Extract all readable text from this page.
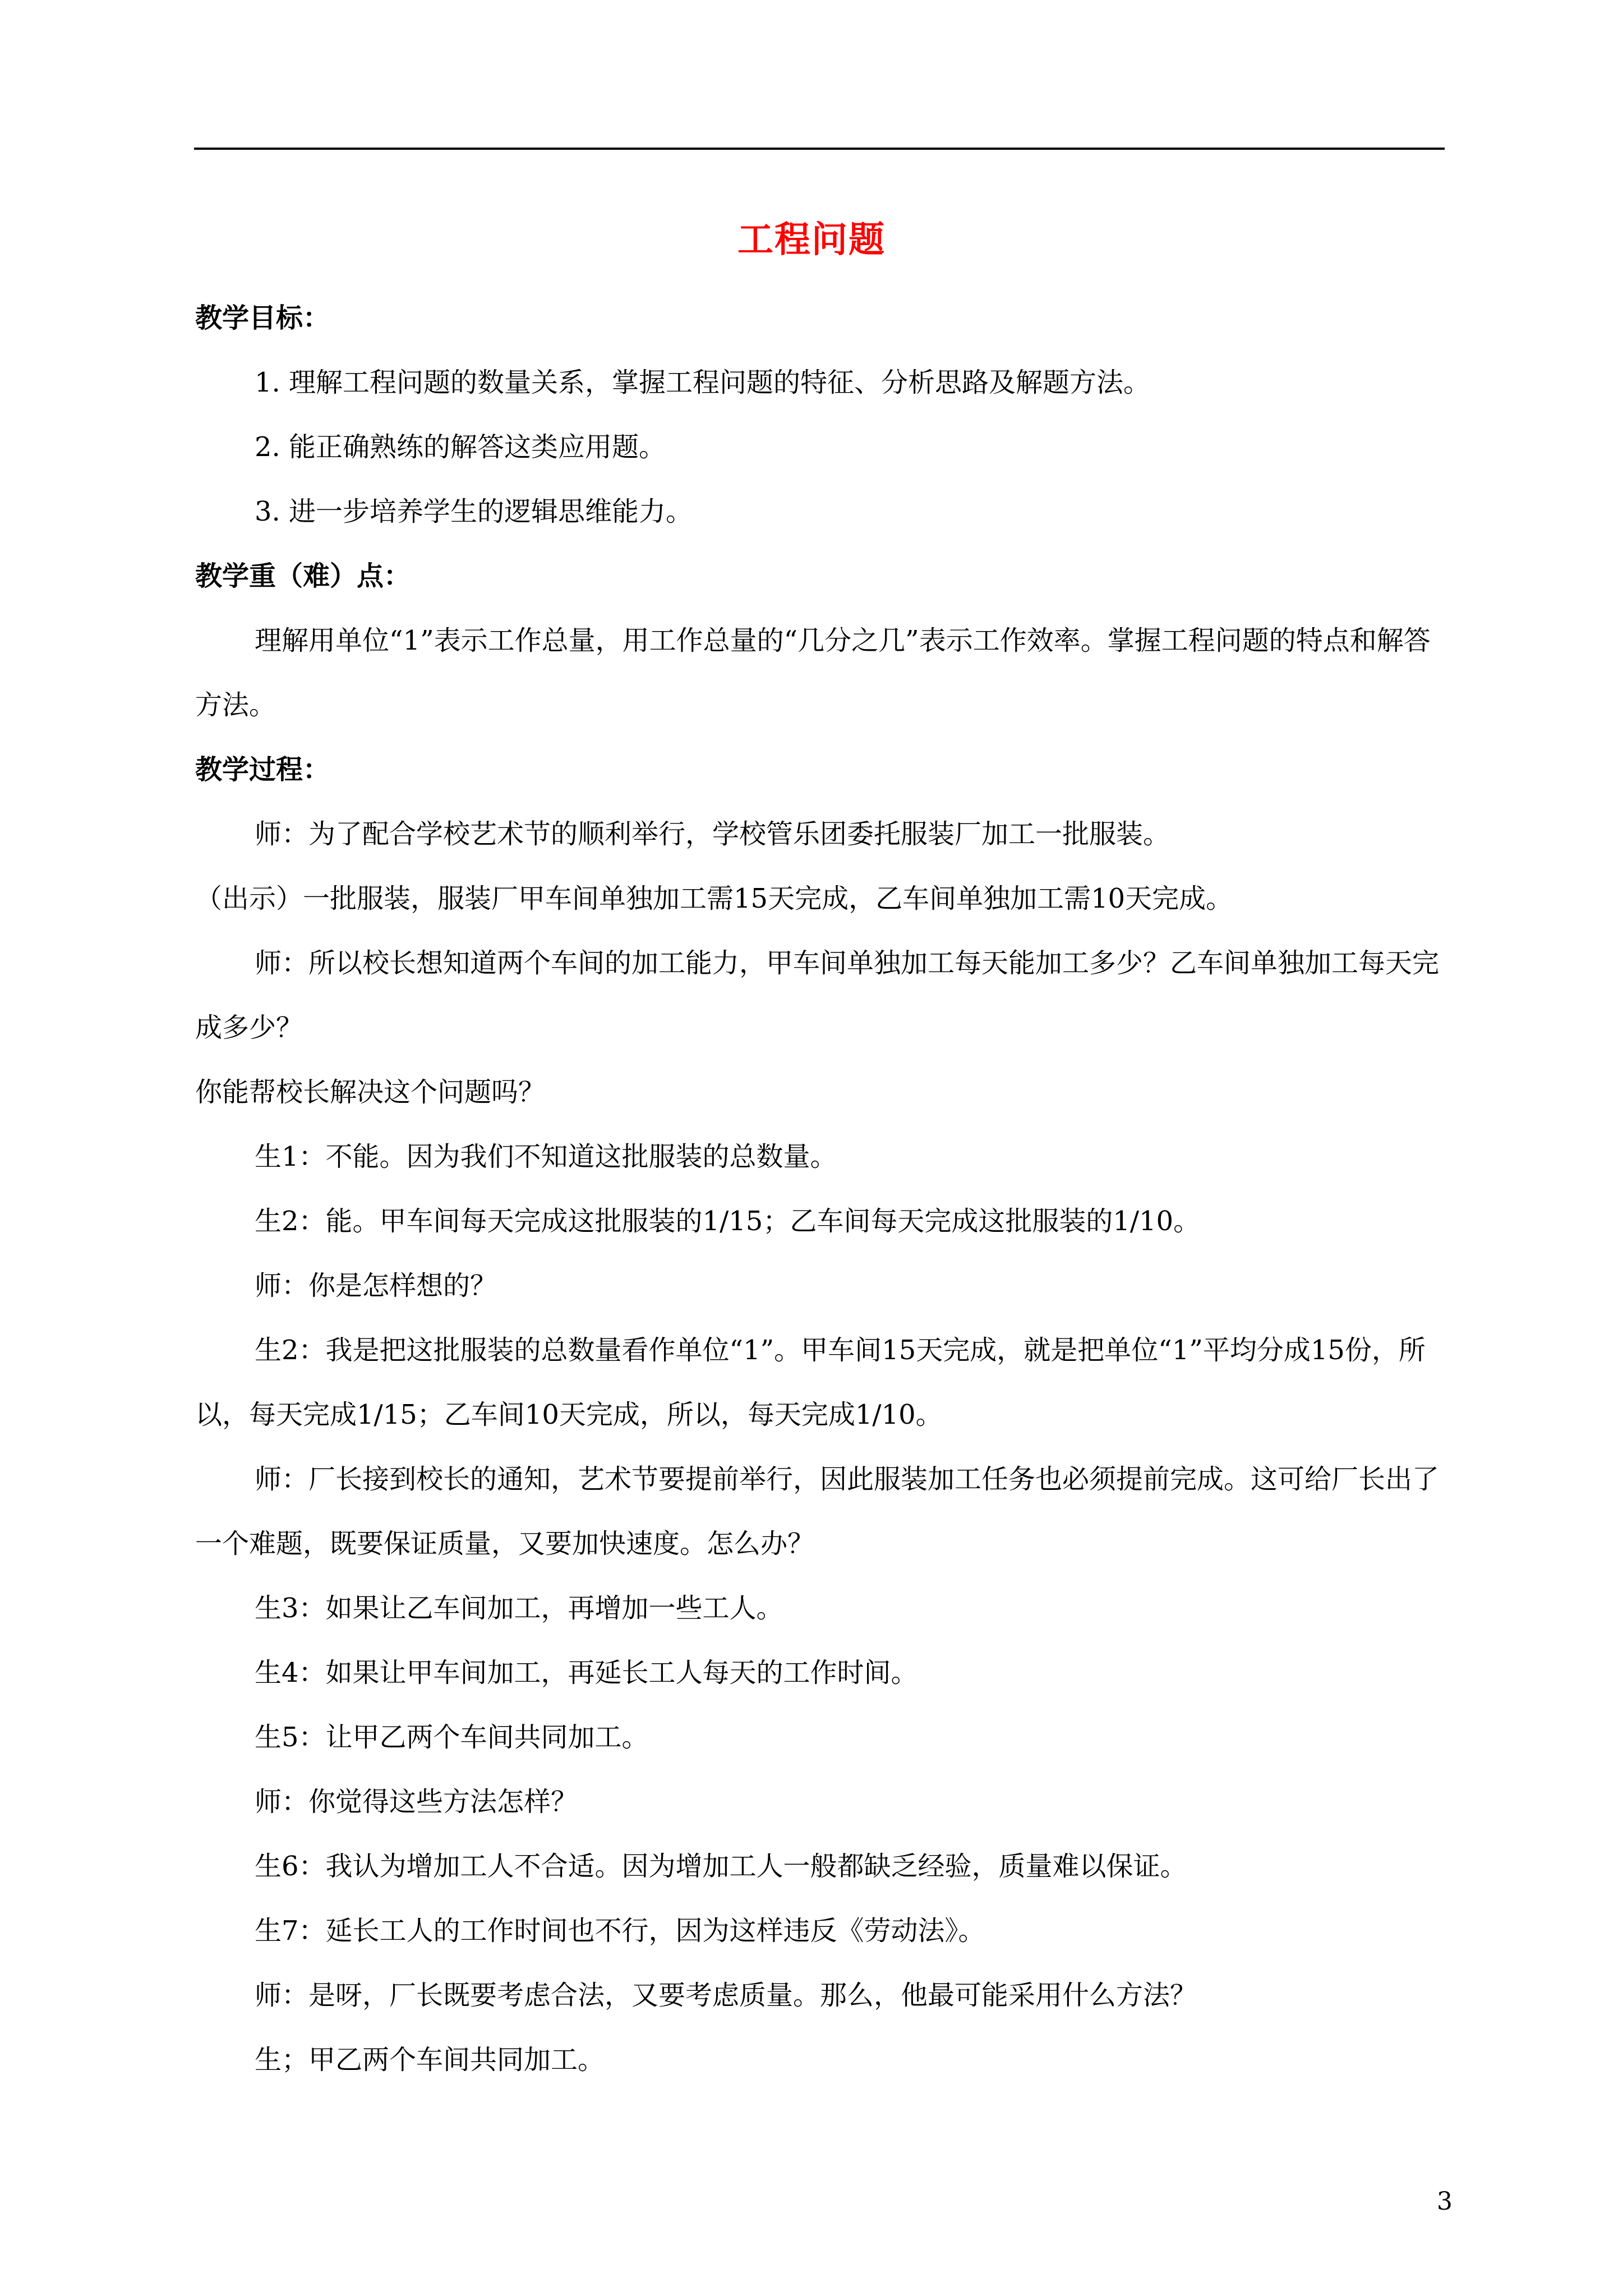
工程问题

教学目标：

1. 理解工程问题的数量关系，掌握工程问题的特征、分析思路及解题方法。

2. 能正确熟练的解答这类应用题。

3. 进一步培养学生的逻辑思维能力。

教学重（难）点：

理解用单位“1”表示工作总量，用工作总量的“几分之几”表示工作效率。掌握工程问题的特点和解答方法。

教学过程：

师：为了配合学校艺术节的顺利举行，学校管乐团委托服装厂加工一批服装。

（出示）一批服装，服装厂甲车间单独加工需15天完成，乙车间单独加工需10天完成。

师：所以校长想知道两个车间的加工能力，甲车间单独加工每天能加工多少？乙车间单独加工每天完成多少？

你能帮校长解决这个问题吗？

生1：不能。因为我们不知道这批服装的总数量。

生2：能。甲车间每天完成这批服装的1/15；乙车间每天完成这批服装的1/10。

师：你是怎样想的？

生2：我是把这批服装的总数量看作单位“1”。甲车间15天完成，就是把单位“1”平均分成15份，所以，每天完成1/15；乙车间10天完成，所以，每天完成1/10。

师：厂长接到校长的通知，艺术节要提前举行，因此服装加工任务也必须提前完成。这可给厂长出了一个难题，既要保证质量，又要加快速度。怎么办？

生3：如果让乙车间加工，再增加一些工人。

生4：如果让甲车间加工，再延长工人每天的工作时间。

生5：让甲乙两个车间共同加工。

师：你觉得这些方法怎样？

生6：我认为增加工人不合适。因为增加工人一般都缺乏经验，质量难以保证。

生7：延长工人的工作时间也不行，因为这样违反《劳动法》。

师：是呀，厂长既要考虑合法，又要考虑质量。那么，他最可能采用什么方法？

生；甲乙两个车间共同加工。

3
